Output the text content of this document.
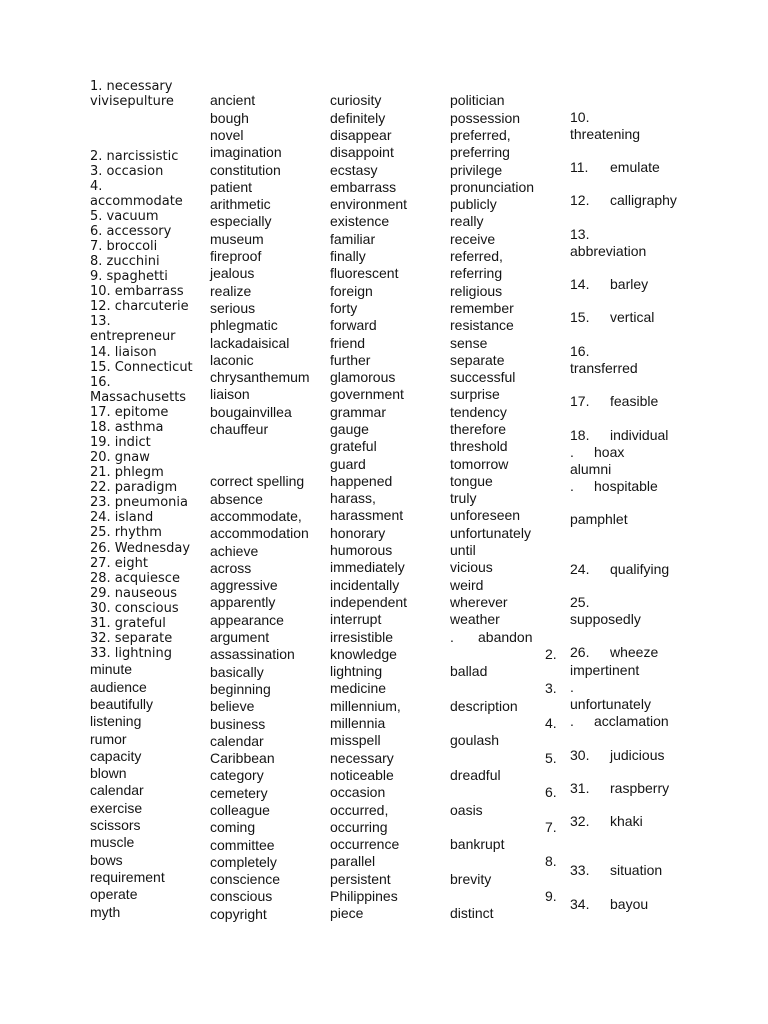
1. necessary
vivisepulture
2. narcissistic
3. occasion
4.
accommodate
5. vacuum
6. accessory
7. broccoli
8. zucchini
9. spaghetti
10. embarrass
12. charcuterie
13.
entrepreneur
14. liaison
15. Connecticut
16.
Massachusetts
17. epitome
18. asthma
19. indict
20. gnaw
21. phlegm
22. paradigm
23. pneumonia
24. island
25. rhythm
26. Wednesday
27. eight
28. acquiesce
29. nauseous
30. conscious
31. grateful
32. separate
33. lightning
minute
audience
beautifully
listening
rumor
capacity
blown
calendar
exercise
scissors
muscle
bows
requirement
operate
myth
ancient
bough
novel
imagination
constitution
patient
arithmetic
especially
museum
fireproof
jealous
realize
serious
phlegmatic
lackadaisical
laconic
chrysanthemum
liaison
bougainvillea
chauffeur
correct spelling
absence
accommodate,
accommodation
achieve
across
aggressive
apparently
appearance
argument
assassination
basically
beginning
believe
business
calendar
Caribbean
category
cemetery
colleague
coming
committee
completely
conscience
conscious
copyright
curiosity
definitely
disappear
disappoint
ecstasy
embarrass
environment
existence
familiar
finally
fluorescent
foreign
forty
forward
friend
further
glamorous
government
grammar
gauge
grateful
guard
happened
harass,
harassment
honorary
humorous
immediately
incidentally
independent
interrupt
irresistible
knowledge
lightning
medicine
millennium,
millennia
misspell
necessary
noticeable
occasion
occurred,
occurring
occurrence
parallel
persistent
Philippines
piece
politician
possession
preferred,
preferring
privilege
pronunciation
publicly
really
receive
referred,
referring
religious
remember
resistance
sense
separate
successful
surprise
tendency
therefore
threshold
tomorrow
tongue
truly
unforeseen
unfortunately
until
vicious
weird
wherever
weather
. abandon
2.
ballad
3.
description
4.
goulash
5.
dreadful
6.
oasis
7.
bankrupt
8.
brevity
9.
distinct
10.
threatening
11. emulate
12. calligraphy
13.
abbreviation
14. barley
15. vertical
16.
transferred
17. feasible
18. individual
. hoax
alumni
. hospitable
pamphlet
24. qualifying
25.
supposedly
26. wheeze
impertinent
.
unfortunately
. acclamation
30. judicious
31. raspberry
32. khaki
33. situation
34. bayou
